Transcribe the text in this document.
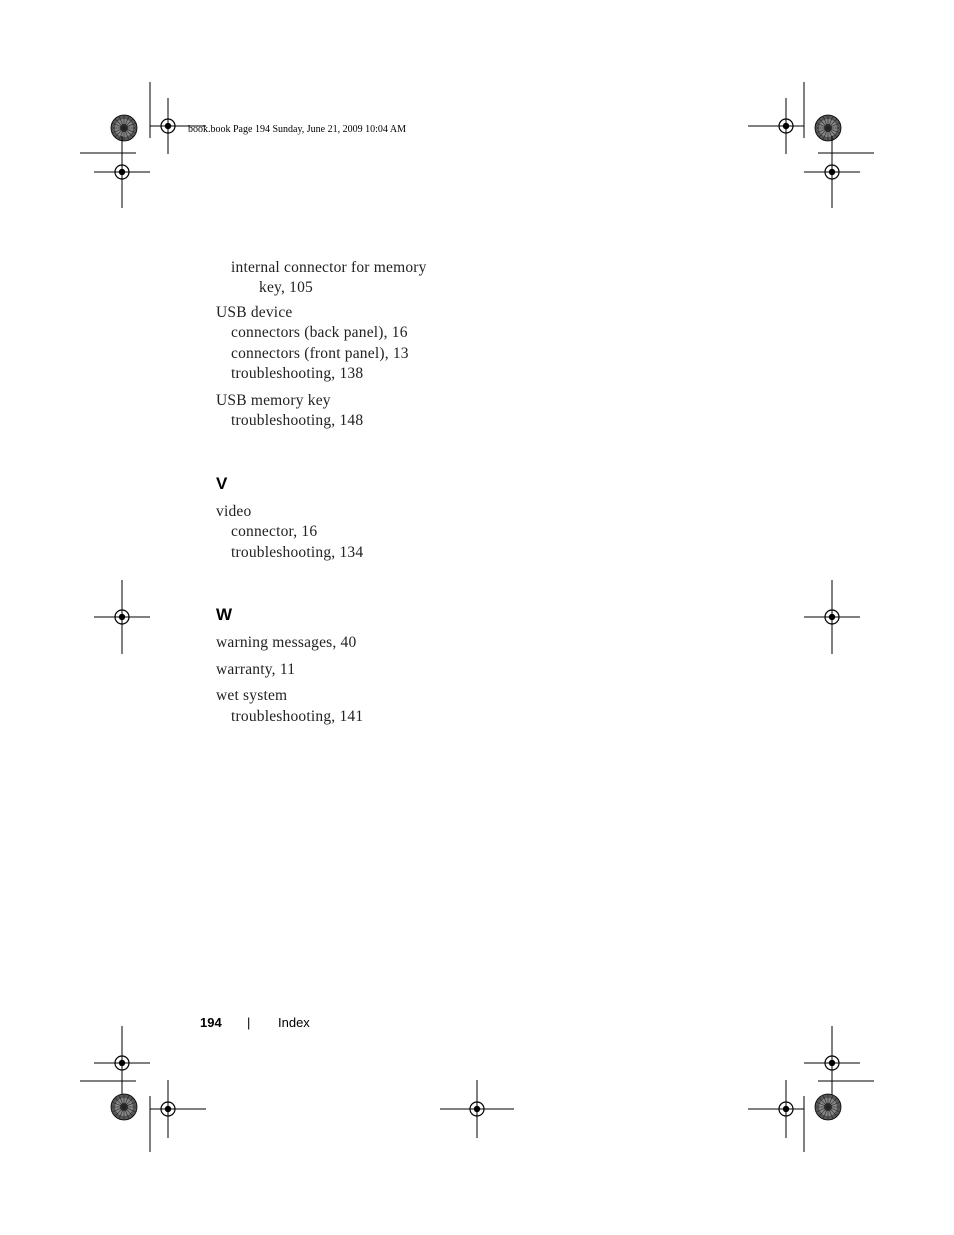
book.book Page 194 Sunday, June 21, 2009 10:04 AM
internal connector for memory
key, 105
USB device
connectors (back panel), 16
connectors (front panel), 13
troubleshooting, 138
USB memory key
troubleshooting, 148
V
video
connector, 16
troubleshooting, 134
W
warning messages, 40
warranty, 11
wet system
troubleshooting, 141
194 | Index
